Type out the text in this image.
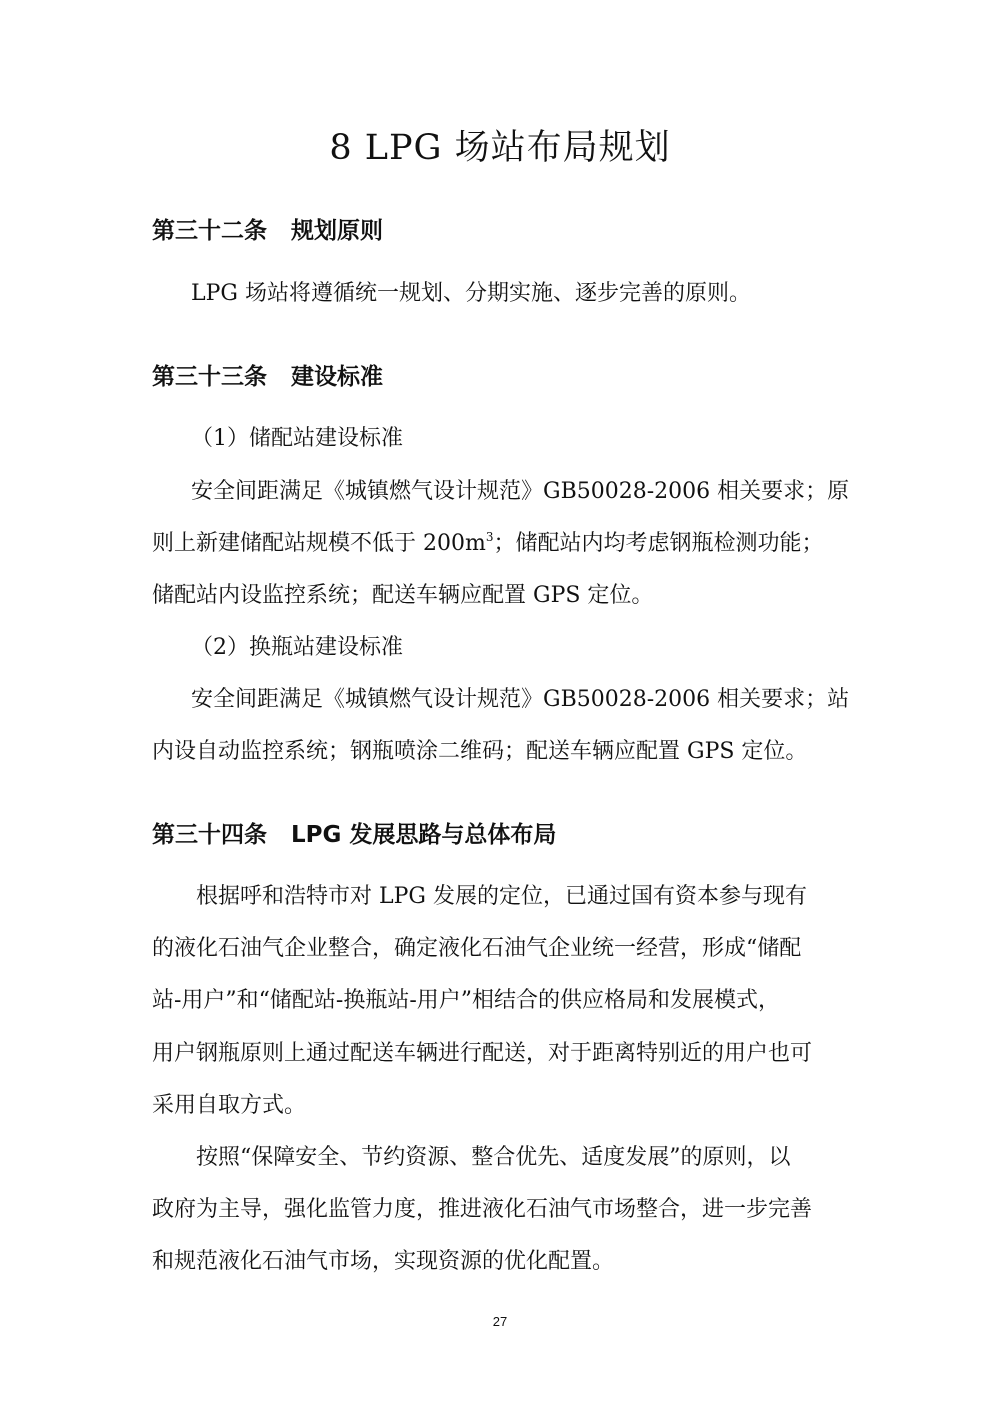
8 LPG 场站布局规划
第三十二条 规划原则

LPG 场站将遵循统一规划、分期实施、逐步完善的原则。

第三十三条 建设标准

（1）储配站建设标准

安全间距满足《城镇燃气设计规范》GB50028-2006 相关要求；原

则上新建储配站规模不低于 $200m^3$；储配站内均考虑钢瓶检测功能；

储配站内设监控系统；配送车辆应配置 GPS 定位。

（2）换瓶站建设标准

安全间距满足《城镇燃气设计规范》GB50028-2006 相关要求；站

内设自动监控系统；钢瓶喷涂二维码；配送车辆应配置 GPS 定位。

第三十四条 LPG 发展思路与总体布局

根据呼和浩特市对 LPG 发展的定位，已通过国有资本参与现有

的液化石油气企业整合，确定液化石油气企业统一经营，形成“储配

站-用户”和“储配站-换瓶站-用户”相结合的供应格局和发展模式，

用户钢瓶原则上通过配送车辆进行配送，对于距离特别近的用户也可

采用自取方式。

按照“保障安全、节约资源、整合优先、适度发展”的原则，以

政府为主导，强化监管力度，推进液化石油气市场整合，进一步完善

和规范液化石油气市场，实现资源的优化配置。

27
